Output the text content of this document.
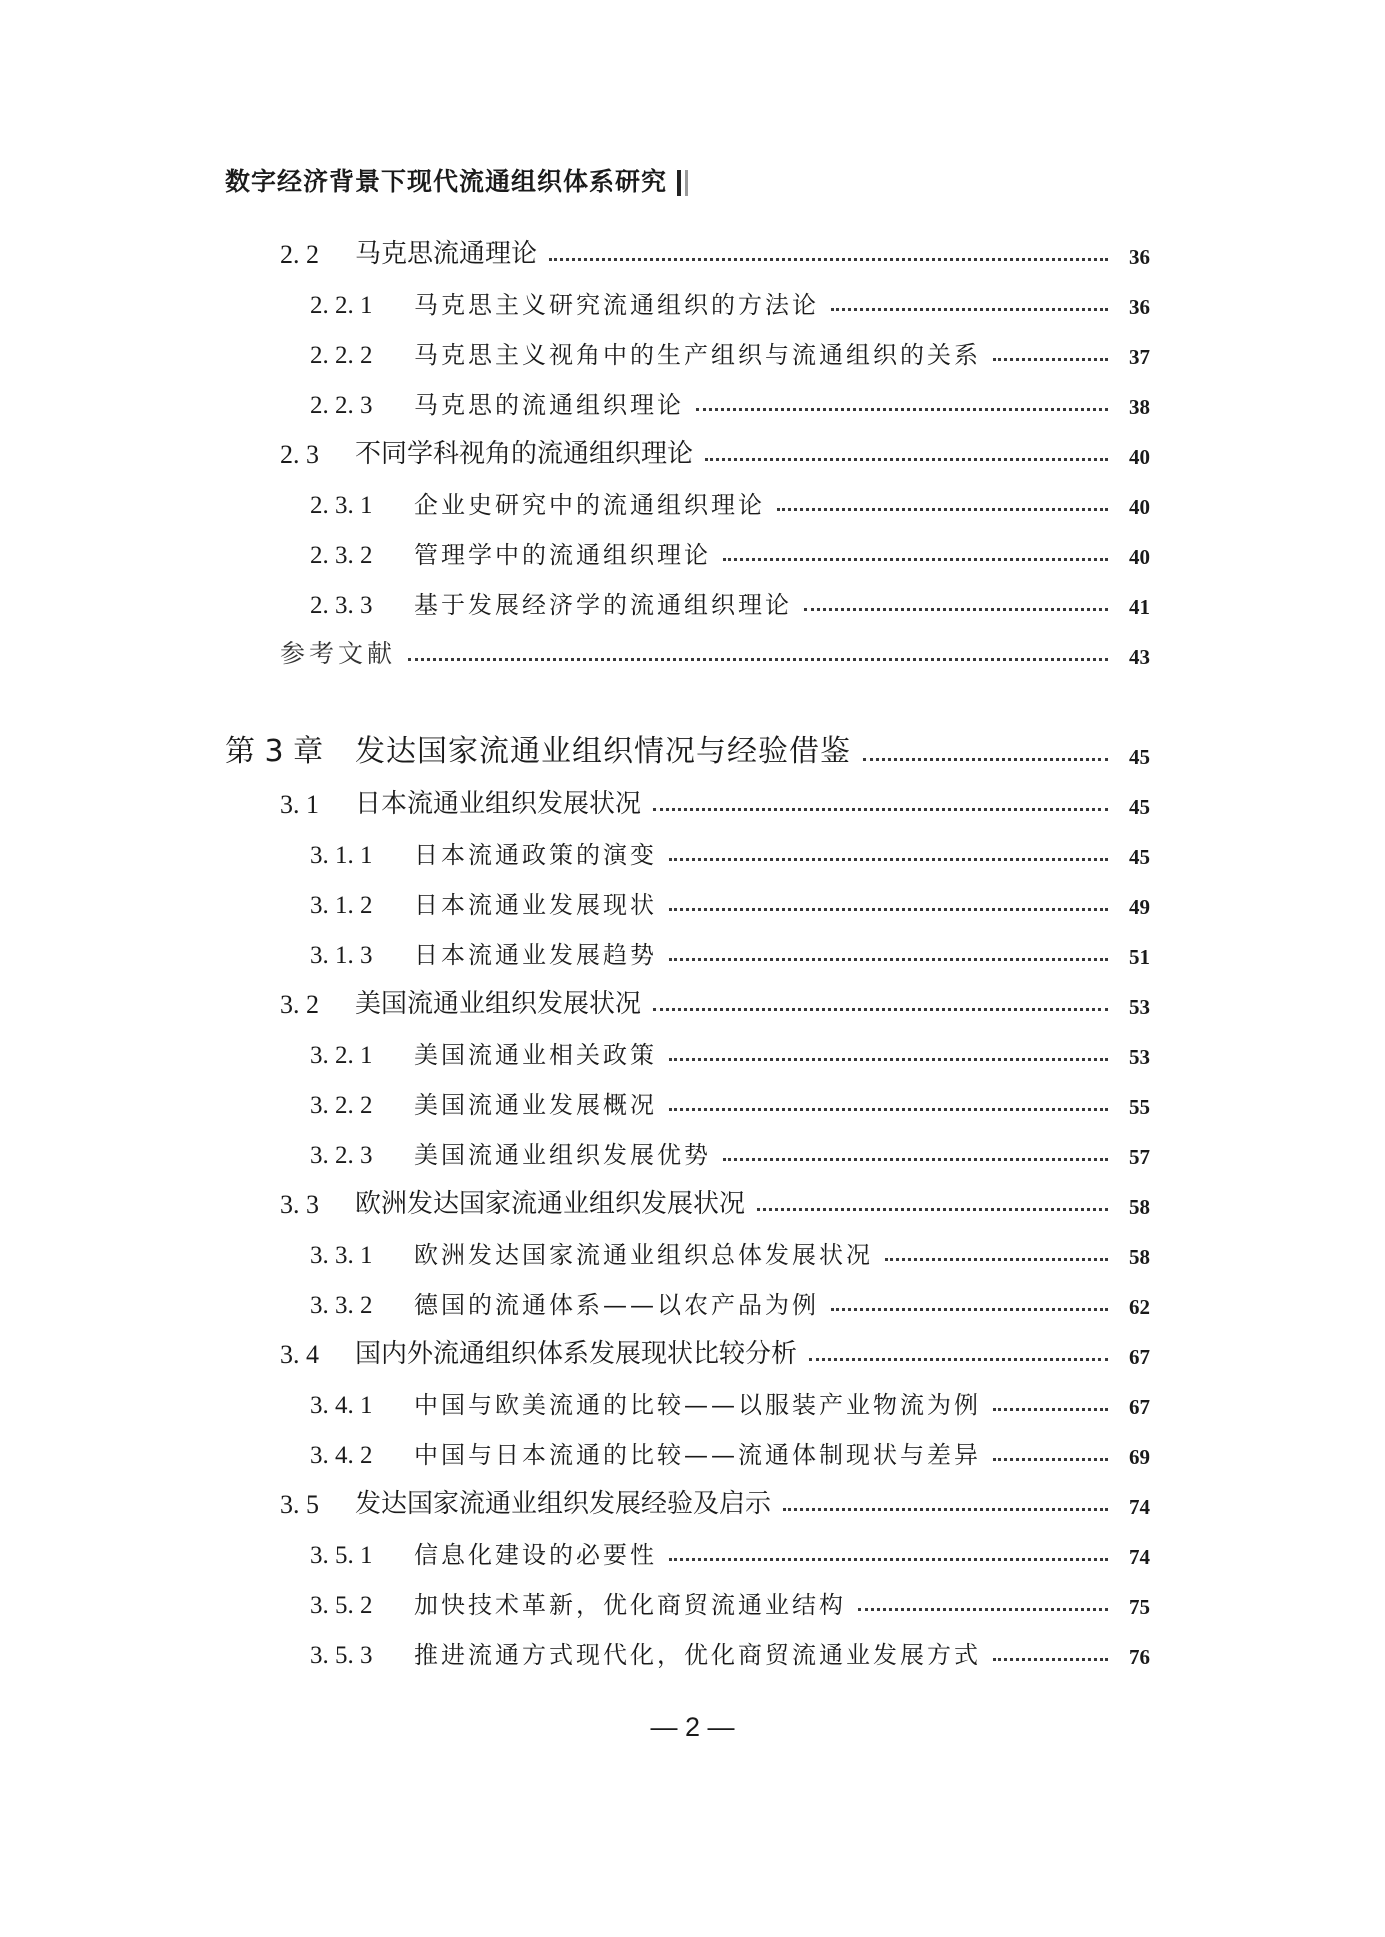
数字经济背景下现代流通组织体系研究
2. 2	马克思流通理论	36
2. 2. 1	马克思主义研究流通组织的方法论	36
2. 2. 2	马克思主义视角中的生产组织与流通组织的关系	37
2. 2. 3	马克思的流通组织理论	38
2. 3	不同学科视角的流通组织理论	40
2. 3. 1	企业史研究中的流通组织理论	40
2. 3. 2	管理学中的流通组织理论	40
2. 3. 3	基于发展经济学的流通组织理论	41
参考文献	43
第 3 章	发达国家流通业组织情况与经验借鉴	45
3. 1	日本流通业组织发展状况	45
3. 1. 1	日本流通政策的演变	45
3. 1. 2	日本流通业发展现状	49
3. 1. 3	日本流通业发展趋势	51
3. 2	美国流通业组织发展状况	53
3. 2. 1	美国流通业相关政策	53
3. 2. 2	美国流通业发展概况	55
3. 2. 3	美国流通业组织发展优势	57
3. 3	欧洲发达国家流通业组织发展状况	58
3. 3. 1	欧洲发达国家流通业组织总体发展状况	58
3. 3. 2	德国的流通体系——以农产品为例	62
3. 4	国内外流通组织体系发展现状比较分析	67
3. 4. 1	中国与欧美流通的比较——以服装产业物流为例	67
3. 4. 2	中国与日本流通的比较——流通体制现状与差异	69
3. 5	发达国家流通业组织发展经验及启示	74
3. 5. 1	信息化建设的必要性	74
3. 5. 2	加快技术革新，优化商贸流通业结构	75
3. 5. 3	推进流通方式现代化，优化商贸流通业发展方式	76
— 2 —
